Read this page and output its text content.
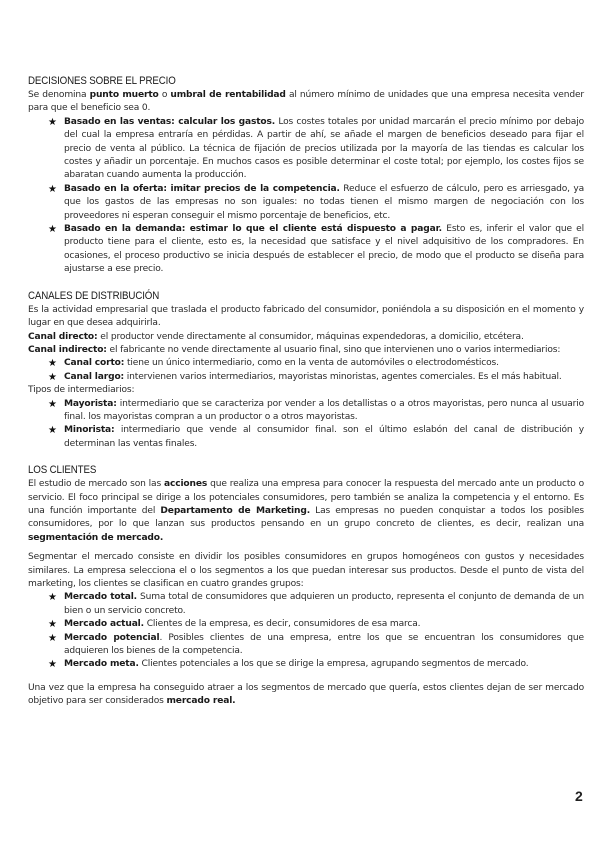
DECISIONES SOBRE EL PRECIO

Se denomina punto muerto o umbral de rentabilidad al número mínimo de unidades que una empresa necesita vender para que el beneficio sea 0.

★ Basado en las ventas: calcular los gastos. Los costes totales por unidad marcarán el precio mínimo por debajo del cual la empresa entraría en pérdidas. A partir de ahí, se añade el margen de beneficios deseado para fijar el precio de venta al público. La técnica de fijación de precios utilizada por la mayoría de las tiendas es calcular los costes y añadir un porcentaje. En muchos casos es posible determinar el coste total; por ejemplo, los costes fijos se abaratan cuando aumenta la producción.
★ Basado en la oferta: imitar precios de la competencia. Reduce el esfuerzo de cálculo, pero es arriesgado, ya que los gastos de las empresas no son iguales: no todas tienen el mismo margen de negociación con los proveedores ni esperan conseguir el mismo porcentaje de beneficios, etc.
★ Basado en la demanda: estimar lo que el cliente está dispuesto a pagar. Esto es, inferir el valor que el producto tiene para el cliente, esto es, la necesidad que satisface y el nivel adquisitivo de los compradores. En ocasiones, el proceso productivo se inicia después de establecer el precio, de modo que el producto se diseña para ajustarse a ese precio.
CANALES DE DISTRIBUCIÓN

Es la actividad empresarial que traslada el producto fabricado del consumidor, poniéndola a su disposición en el momento y lugar en que desea adquirirla.

Canal directo: el productor vende directamente al consumidor, máquinas expendedoras, a domicilio, etcétera.

Canal indirecto: el fabricante no vende directamente al usuario final, sino que intervienen uno o varios intermediarios:

★ Canal corto: tiene un único intermediario, como en la venta de automóviles o electrodomésticos.
★ Canal largo: intervienen varios intermediarios, mayoristas minoristas, agentes comerciales. Es el más habitual.

Tipos de intermediarios:

★ Mayorista: intermediario que se caracteriza por vender a los detallistas o a otros mayoristas, pero nunca al usuario final. los mayoristas compran a un productor o a otros mayoristas.
★ Minorista: intermediario que vende al consumidor final. son el último eslabón del canal de distribución y determinan las ventas finales.
LOS CLIENTES

El estudio de mercado son las acciones que realiza una empresa para conocer la respuesta del mercado ante un producto o servicio. El foco principal se dirige a los potenciales consumidores, pero también se analiza la competencia y el entorno. Es una función importante del Departamento de Marketing. Las empresas no pueden conquistar a todos los posibles consumidores, por lo que lanzan sus productos pensando en un grupo concreto de clientes, es decir, realizan una segmentación de mercado.

Segmentar el mercado consiste en dividir los posibles consumidores en grupos homogéneos con gustos y necesidades similares. La empresa selecciona el o los segmentos a los que puedan interesar sus productos. Desde el punto de vista del marketing, los clientes se clasifican en cuatro grandes grupos:

★ Mercado total. Suma total de consumidores que adquieren un producto, representa el conjunto de demanda de un bien o un servicio concreto.
★ Mercado actual. Clientes de la empresa, es decir, consumidores de esa marca.
★ Mercado potencial. Posibles clientes de una empresa, entre los que se encuentran los consumidores que adquieren los bienes de la competencia.
★ Mercado meta. Clientes potenciales a los que se dirige la empresa, agrupando segmentos de mercado.

Una vez que la empresa ha conseguido atraer a los segmentos de mercado que quería, estos clientes dejan de ser mercado objetivo para ser considerados mercado real.

2
